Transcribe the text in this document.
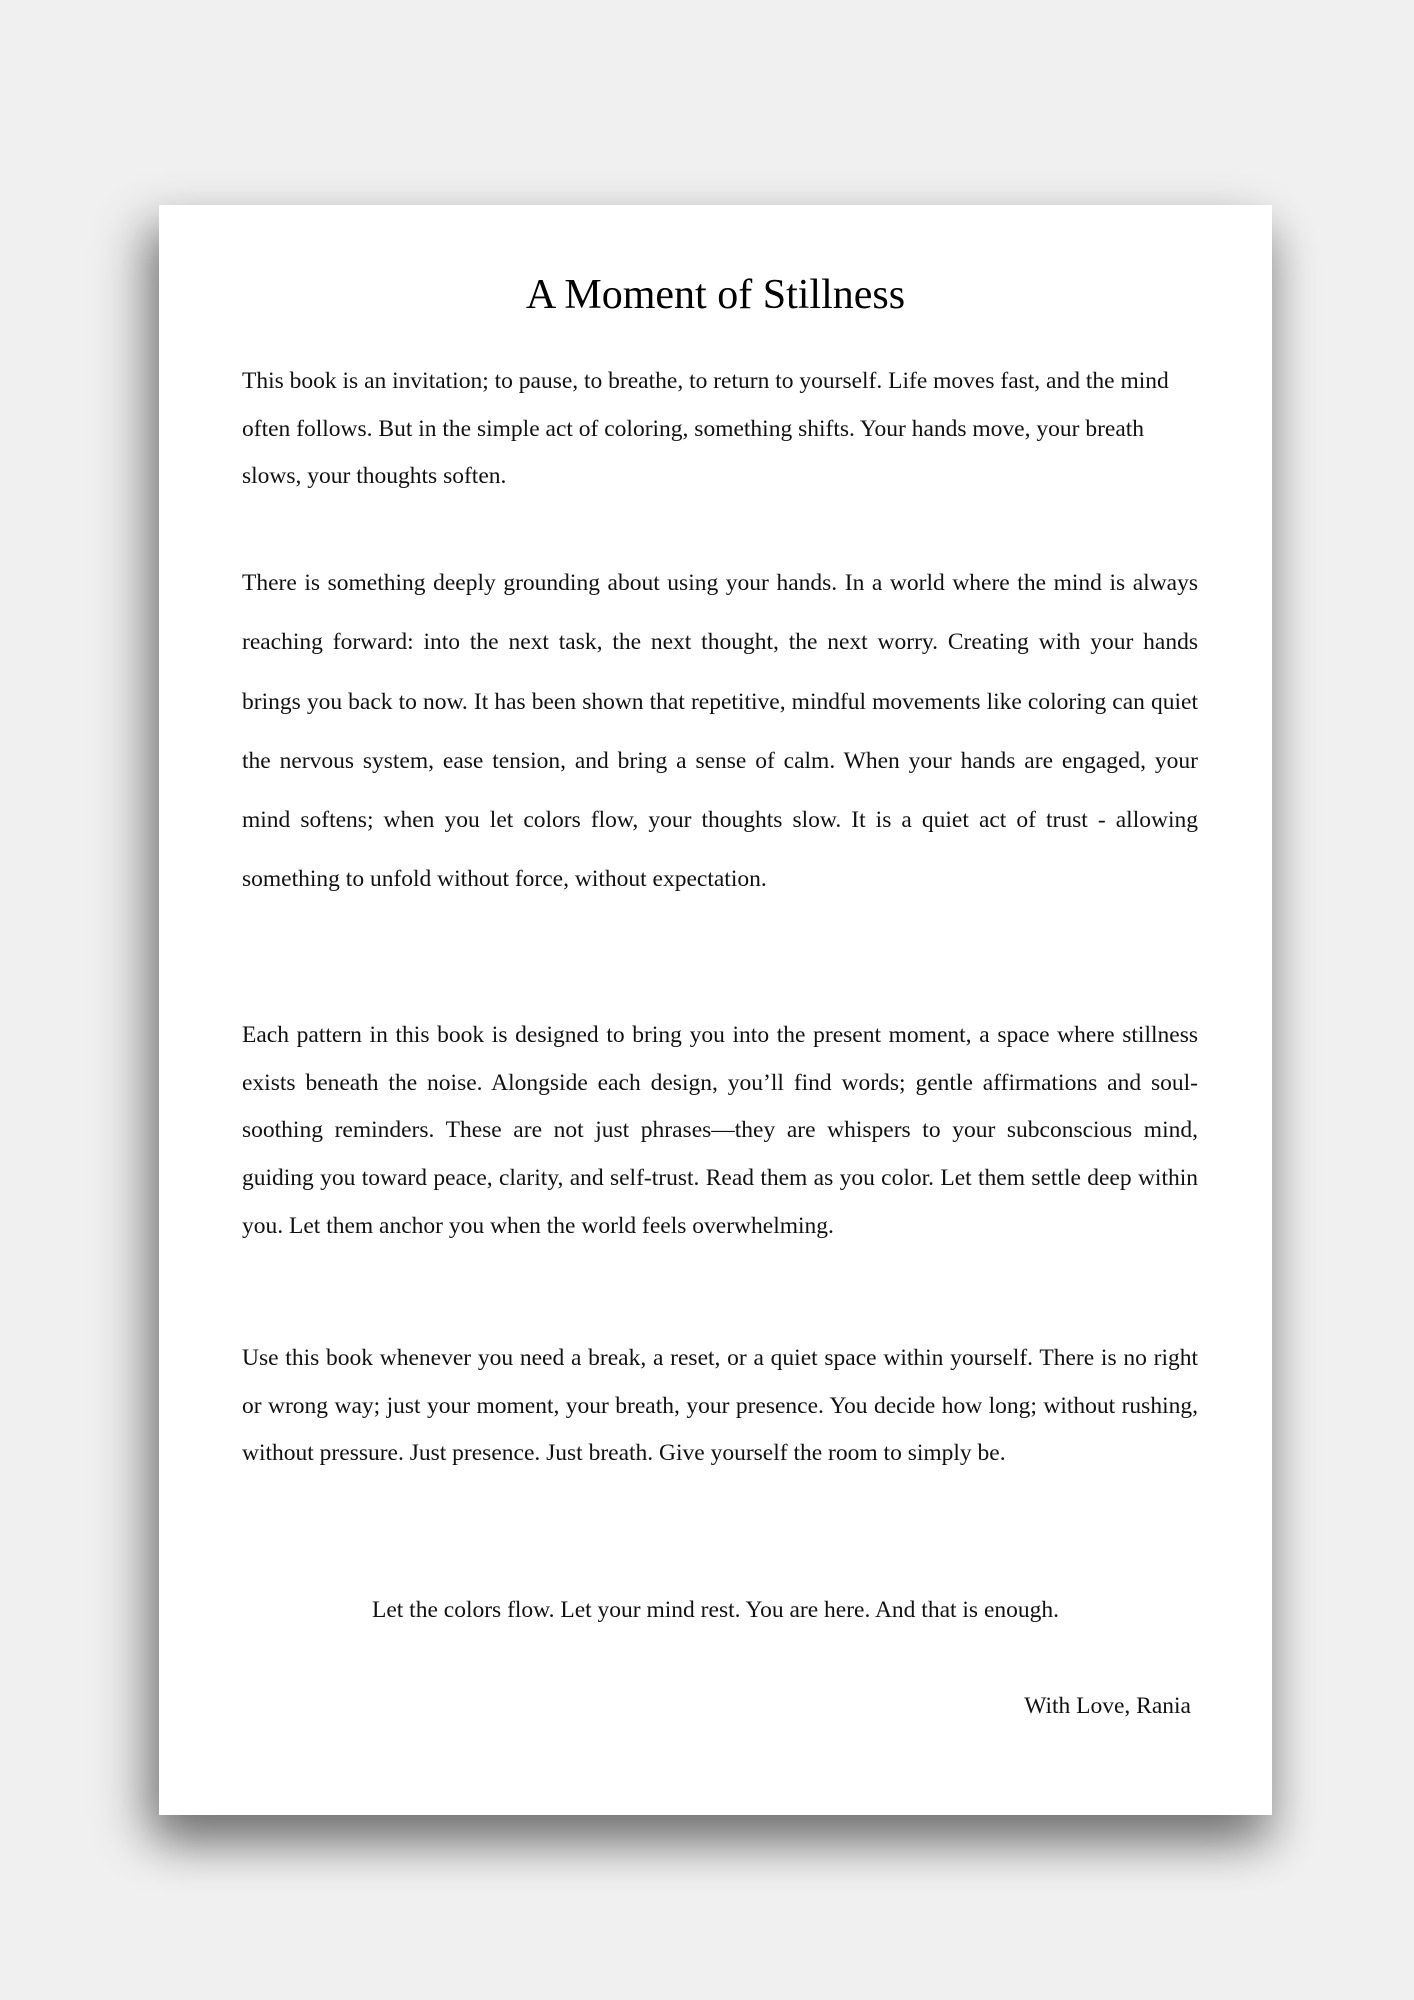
A Moment of Stillness

This book is an invitation; to pause, to breathe, to return to yourself. Life moves fast, and the mind often follows. But in the simple act of coloring, something shifts. Your hands move, your breath slows, your thoughts soften.

There is something deeply grounding about using your hands. In a world where the mind is always reaching forward: into the next task, the next thought, the next worry. Creating with your hands brings you back to now. It has been shown that repetitive, mindful movements like coloring can quiet the nervous system, ease tension, and bring a sense of calm. When your hands are engaged, your mind softens; when you let colors flow, your thoughts slow. It is a quiet act of trust - allowing something to unfold without force, without expectation.

Each pattern in this book is designed to bring you into the present moment, a space where stillness exists beneath the noise. Alongside each design, you’ll find words; gentle affirmations and soul-soothing reminders. These are not just phrases—they are whispers to your subconscious mind, guiding you toward peace, clarity, and self-trust. Read them as you color. Let them settle deep within you. Let them anchor you when the world feels overwhelming.

Use this book whenever you need a break, a reset, or a quiet space within yourself. There is no right or wrong way; just your moment, your breath, your presence. You decide how long; without rushing, without pressure. Just presence. Just breath. Give yourself the room to simply be.

Let the colors flow. Let your mind rest. You are here. And that is enough.

With Love, Rania
